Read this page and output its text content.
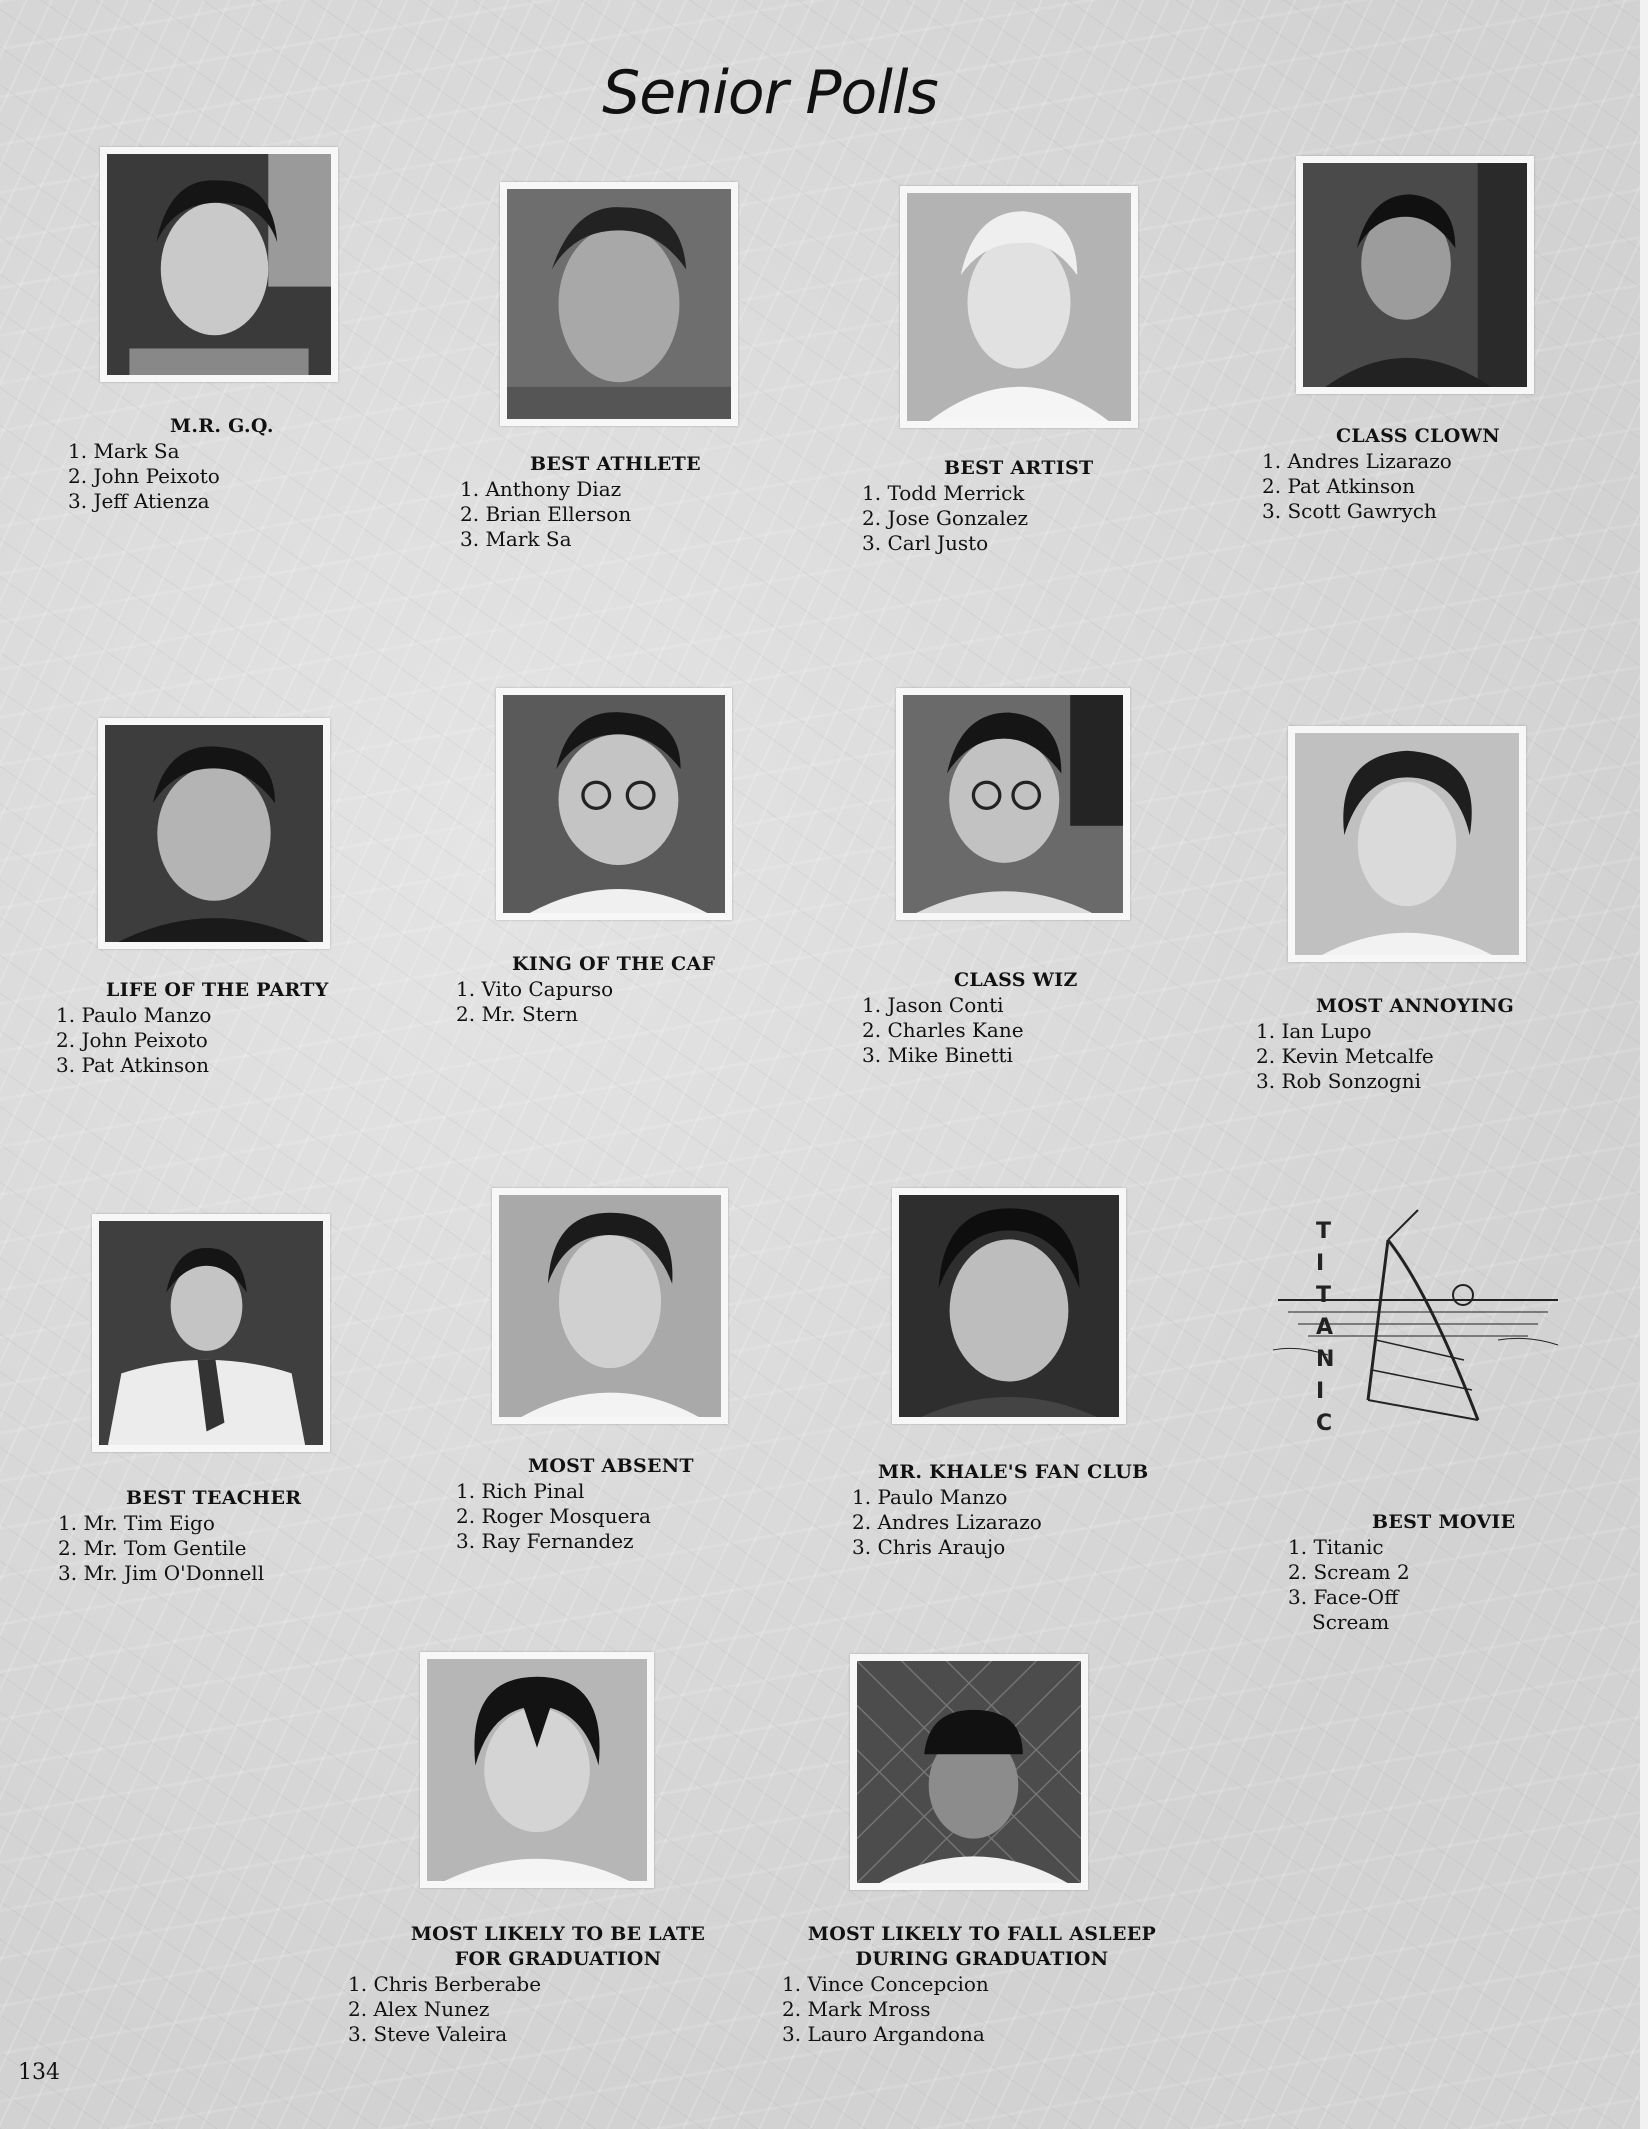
Senior Polls
T
I
T
A
N
I
C
M.R. G.Q.
1. Mark Sa
2. John Peixoto
3. Jeff Atienza
BEST ATHLETE
1. Anthony Diaz
2. Brian Ellerson
3. Mark Sa
BEST ARTIST
1. Todd Merrick
2. Jose Gonzalez
3. Carl Justo
CLASS CLOWN
1. Andres Lizarazo
2. Pat Atkinson
3. Scott Gawrych
LIFE OF THE PARTY
1. Paulo Manzo
2. John Peixoto
3. Pat Atkinson
KING OF THE CAF
1. Vito Capurso
2. Mr. Stern
CLASS WIZ
1. Jason Conti
2. Charles Kane
3. Mike Binetti
MOST ANNOYING
1. Ian Lupo
2. Kevin Metcalfe
3. Rob Sonzogni
BEST TEACHER
1. Mr. Tim Eigo
2. Mr. Tom Gentile
3. Mr. Jim O'Donnell
MOST ABSENT
1. Rich Pinal
2. Roger Mosquera
3. Ray Fernandez
MR. KHALE'S FAN CLUB
1. Paulo Manzo
2. Andres Lizarazo
3. Chris Araujo
BEST MOVIE
1. Titanic
2. Scream 2
3. Face-Off
Scream
MOST LIKELY TO BE LATE FOR GRADUATION
1. Chris Berberabe
2. Alex Nunez
3. Steve Valeira
MOST LIKELY TO FALL ASLEEP DURING GRADUATION
1. Vince Concepcion
2. Mark Mross
3. Lauro Argandona
134
